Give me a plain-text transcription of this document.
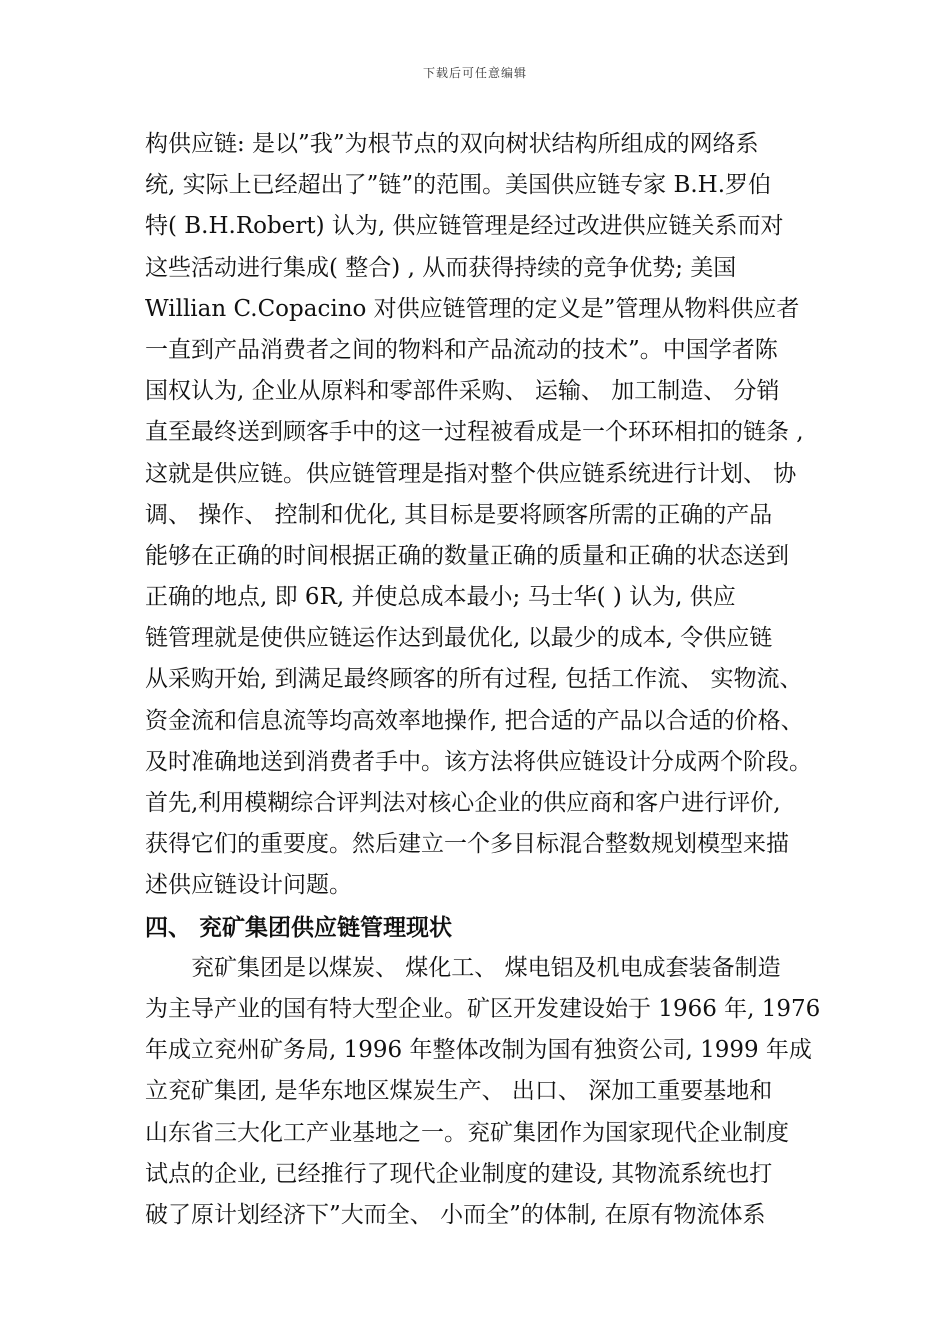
下载后可任意编辑
构供应链: 是以”我”为根节点的双向树状结构所组成的网络系
统, 实际上已经超出了”链”的范围。美国供应链专家 B.H.罗伯
特( B.H.Robert) 认为, 供应链管理是经过改进供应链关系而对
这些活动进行集成( 整合) , 从而获得持续的竞争优势; 美国
Willian C.Copacino 对供应链管理的定义是”管理从物料供应者
一直到产品消费者之间的物料和产品流动的技术”。中国学者陈
国权认为, 企业从原料和零部件采购、 运输、 加工制造、 分销
直至最终送到顾客手中的这一过程被看成是一个环环相扣的链条 ,
这就是供应链。供应链管理是指对整个供应链系统进行计划、 协
调、 操作、 控制和优化, 其目标是要将顾客所需的正确的产品
能够在正确的时间根据正确的数量正确的质量和正确的状态送到
正确的地点, 即 6R, 并使总成本最小; 马士华( ) 认为, 供应
链管理就是使供应链运作达到最优化, 以最少的成本, 令供应链
从采购开始, 到满足最终顾客的所有过程, 包括工作流、 实物流、
资金流和信息流等均高效率地操作, 把合适的产品以合适的价格、
及时准确地送到消费者手中。该方法将供应链设计分成两个阶段。
首先,利用模糊综合评判法对核心企业的供应商和客户进行评价,
获得它们的重要度。然后建立一个多目标混合整数规划模型来描
述供应链设计问题。
四、 兖矿集团供应链管理现状
兖矿集团是以煤炭、 煤化工、 煤电铝及机电成套装备制造
为主导产业的国有特大型企业。矿区开发建设始于 1966 年, 1976
年成立兖州矿务局, 1996 年整体改制为国有独资公司, 1999 年成
立兖矿集团, 是华东地区煤炭生产、 出口、 深加工重要基地和
山东省三大化工产业基地之一。兖矿集团作为国家现代企业制度
试点的企业, 已经推行了现代企业制度的建设, 其物流系统也打
破了原计划经济下”大而全、 小而全”的体制, 在原有物流体系
